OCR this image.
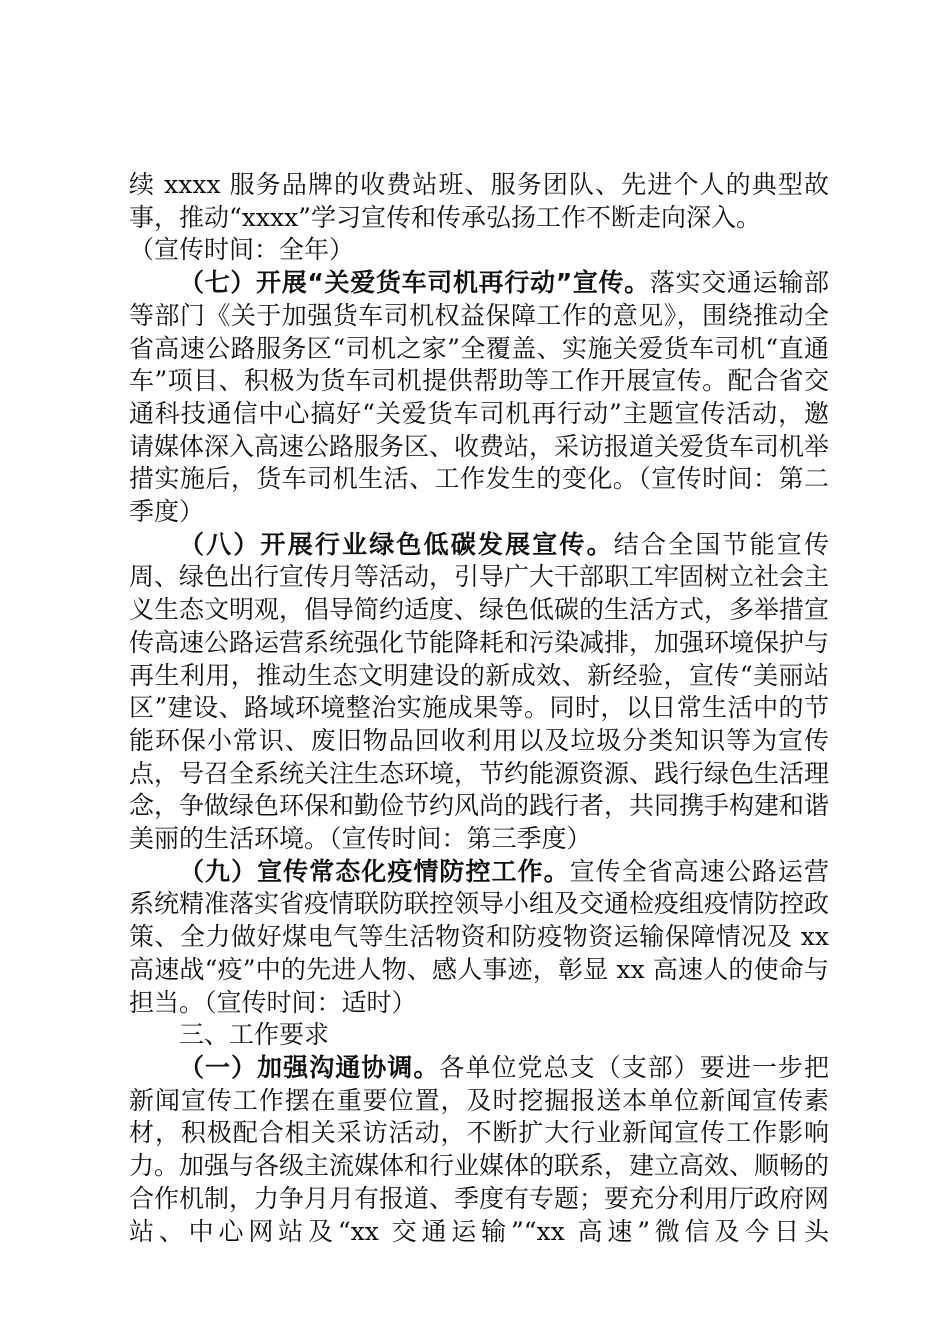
续 xxxx 服务品牌的收费站班、服务团队、先进个人的典型故事，推动“xxxx”学习宣传和传承弘扬工作不断走向深入。
（宣传时间：全年）

（七）开展“关爱货车司机再行动”宣传。落实交通运输部等部门《关于加强货车司机权益保障工作的意见》，围绕推动全省高速公路服务区“司机之家”全覆盖、实施关爱货车司机“直通车”项目、积极为货车司机提供帮助等工作开展宣传。配合省交通科技通信中心搞好“关爱货车司机再行动”主题宣传活动，邀请媒体深入高速公路服务区、收费站，采访报道关爱货车司机举措实施后，货车司机生活、工作发生的变化。（宣传时间：第二季度）

（八）开展行业绿色低碳发展宣传。结合全国节能宣传周、绿色出行宣传月等活动，引导广大干部职工牢固树立社会主义生态文明观，倡导简约适度、绿色低碳的生活方式，多举措宣传高速公路运营系统强化节能降耗和污染减排，加强环境保护与再生利用，推动生态文明建设的新成效、新经验，宣传“美丽站区”建设、路域环境整治实施成果等。同时，以日常生活中的节能环保小常识、废旧物品回收利用以及垃圾分类知识等为宣传点，号召全系统关注生态环境，节约能源资源、践行绿色生活理念，争做绿色环保和勤俭节约风尚的践行者，共同携手构建和谐美丽的生活环境。（宣传时间：第三季度）

（九）宣传常态化疫情防控工作。宣传全省高速公路运营系统精准落实省疫情联防联控领导小组及交通检疫组疫情防控政策、全力做好煤电气等生活物资和防疫物资运输保障情况及 xx 高速战“疫”中的先进人物、感人事迹，彰显 xx 高速人的使命与担当。（宣传时间：适时）

三、工作要求

（一）加强沟通协调。各单位党总支（支部）要进一步把新闻宣传工作摆在重要位置，及时挖掘报送本单位新闻宣传素材，积极配合相关采访活动，不断扩大行业新闻宣传工作影响力。加强与各级主流媒体和行业媒体的联系，建立高效、顺畅的合作机制，力争月月有报道、季度有专题；要充分利用厅政府网站、中心网站及“xx 交通运输”“xx 高速”微信及今日头
